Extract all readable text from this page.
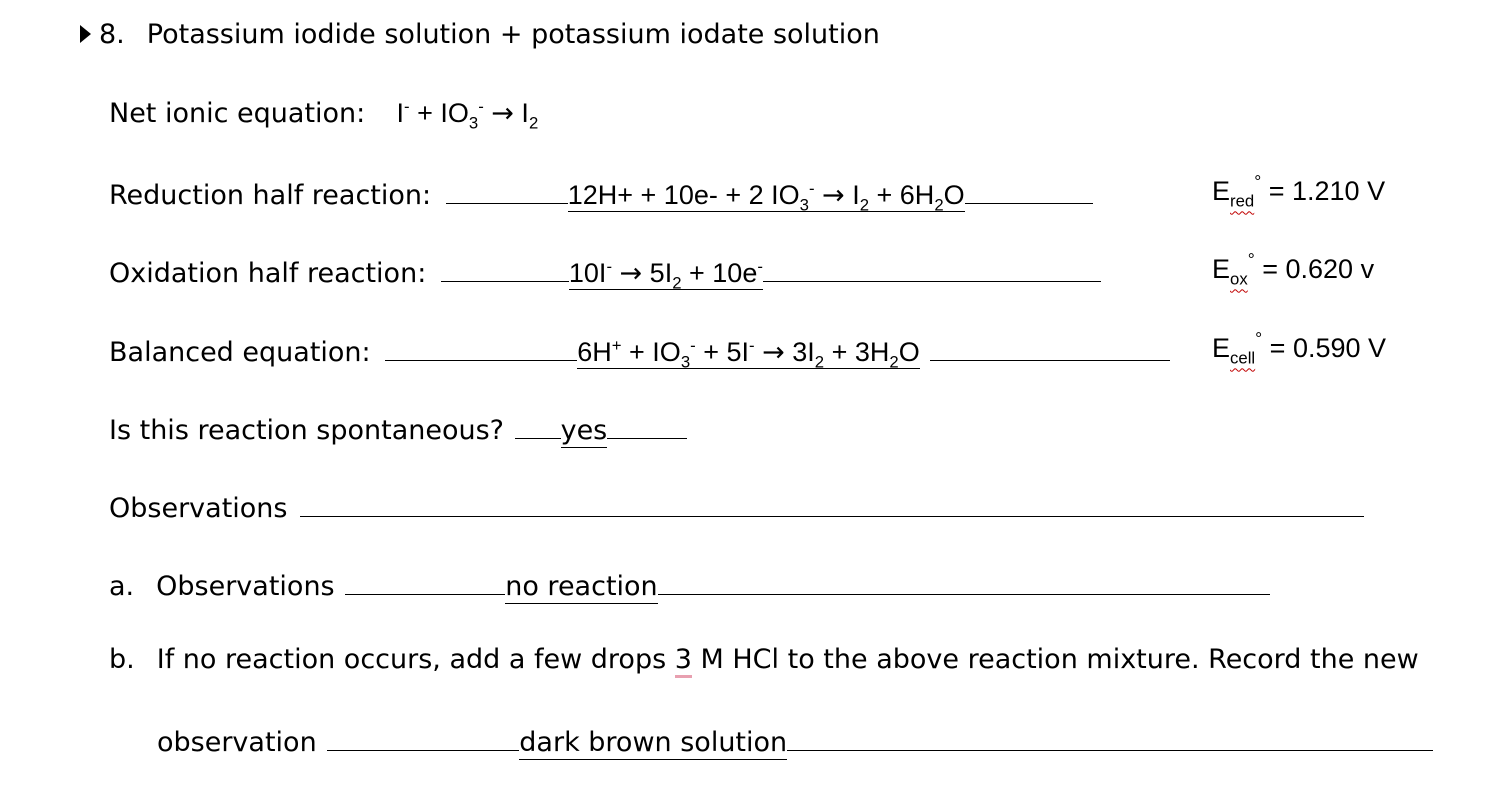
8. Potassium iodide solution + potassium iodate solution
Net ionic equation: $I^- + IO_3^- \to I_2$
Reduction half reaction:	12H+ + 10e- + 2 $IO_3^- \to I_2 + 6H_2O$	$E_{red}^\circ = 1.210$ V
Oxidation half reaction:	$10I^- \to 5I_2 + 10e^-$	$E_{ox}^\circ = 0.620$ v
Balanced equation:	$6H^+ + IO_3^- + 5I^- \to 3I_2 + 3H_2O$	$E_{cell}^\circ = 0.590$ V
Is this reaction spontaneous? yes
Observations
a. Observations	no reaction
b. If no reaction occurs, add a few drops 3 M HCl to the above reaction mixture. Record the new
observation	dark brown solution
